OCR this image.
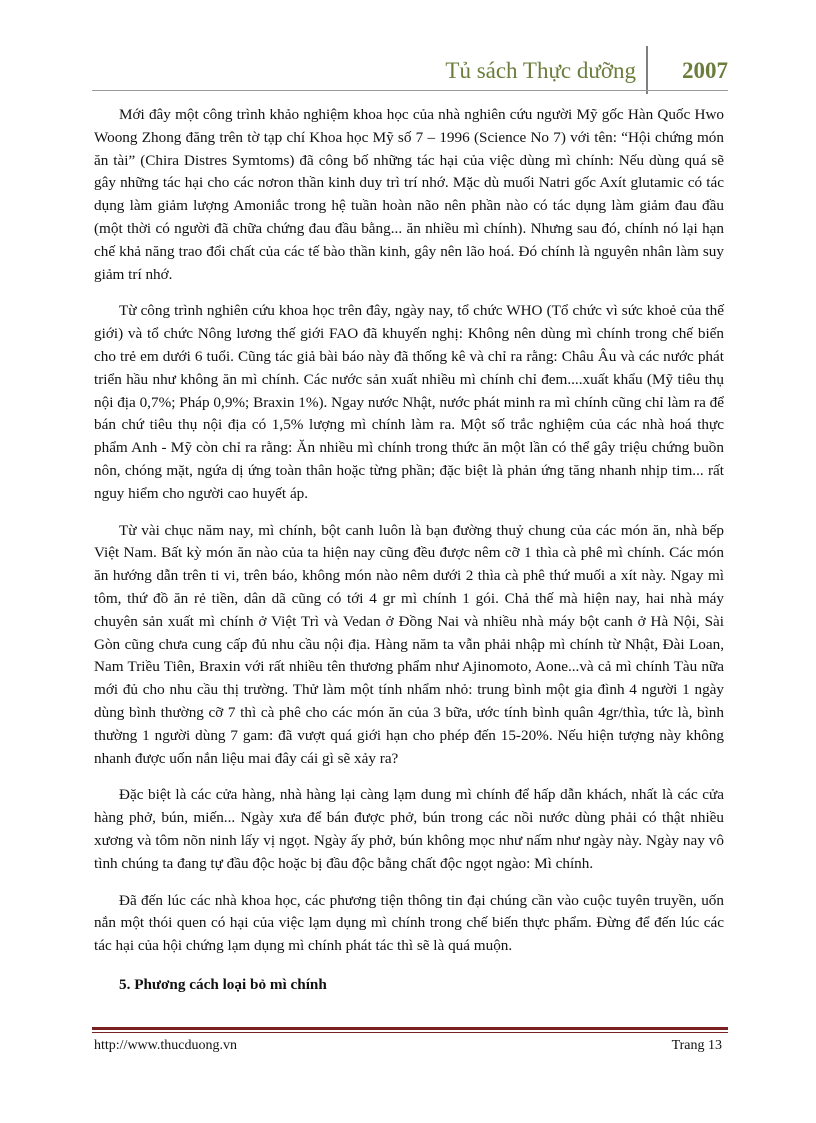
Tủ sách Thực dưỡng 2007

Mới đây một công trình khảo nghiệm khoa học của nhà nghiên cứu người Mỹ gốc Hàn Quốc Hwo Woong Zhong đăng trên tờ tạp chí Khoa học Mỹ số 7 – 1996 (Science No 7) với tên: “Hội chứng món ăn tài” (Chira Distres Symtoms) đã công bố những tác hại của việc dùng mì chính: Nếu dùng quá sẽ gây những tác hại cho các nơron thần kinh duy trì trí nhớ. Mặc dù muối Natri gốc Axít glutamic có tác dụng làm giảm lượng Amoniắc trong hệ tuần hoàn não nên phần nào có tác dụng làm giảm đau đầu (một thời có người đã chữa chứng đau đầu bằng... ăn nhiều mì chính). Nhưng sau đó, chính nó lại hạn chế khả năng trao đổi chất của các tế bào thần kinh, gây nên lão hoá. Đó chính là nguyên nhân làm suy giảm trí nhớ.

Từ công trình nghiên cứu khoa học trên đây, ngày nay, tổ chức WHO (Tổ chức vì sức khoẻ của thế giới) và tổ chức Nông lương thế giới FAO đã khuyến nghị: Không nên dùng mì chính trong chế biến cho trẻ em dưới 6 tuổi. Cũng tác giả bài báo này đã thống kê và chỉ ra rằng: Châu Âu và các nước phát triển hầu như không ăn mì chính. Các nước sản xuất nhiều mì chính chỉ đem....xuất khẩu (Mỹ tiêu thụ nội địa 0,7%; Pháp 0,9%; Braxin 1%). Ngay nước Nhật, nước phát minh ra mì chính cũng chỉ làm ra để bán chứ tiêu thụ nội địa có 1,5% lượng mì chính làm ra. Một số trắc nghiệm của các nhà hoá thực phẩm Anh - Mỹ còn chỉ ra rằng: Ăn nhiều mì chính trong thức ăn một lần có thể gây triệu chứng buồn nôn, chóng mặt, ngứa dị ứng toàn thân hoặc từng phần; đặc biệt là phản ứng tăng nhanh nhịp tim... rất nguy hiểm cho người cao huyết áp.

Từ vài chục năm nay, mì chính, bột canh luôn là bạn đường thuỷ chung của các món ăn, nhà bếp Việt Nam. Bất kỳ món ăn nào của ta hiện nay cũng đều được nêm cỡ 1 thìa cà phê mì chính. Các món ăn hướng dẫn trên ti vi, trên báo, không món nào nêm dưới 2 thìa cà phê thứ muối a xít này. Ngay mì tôm, thứ đồ ăn rẻ tiền, dân dã cũng có tới 4 gr mì chính 1 gói. Chả thế mà hiện nay, hai nhà máy chuyên sản xuất mì chính ở Việt Trì và Vedan ở Đồng Nai và nhiều nhà máy bột canh ở Hà Nội, Sài Gòn cũng chưa cung cấp đủ nhu cầu nội địa. Hàng năm ta vẫn phải nhập mì chính từ Nhật, Đài Loan, Nam Triều Tiên, Braxin với rất nhiều tên thương phẩm như Ajinomoto, Aone...và cả mì chính Tàu nữa mới đủ cho nhu cầu thị trường. Thử làm một tính nhẩm nhỏ: trung bình một gia đình 4 người 1 ngày dùng bình thường cỡ 7 thì cà phê cho các món ăn của 3 bữa, ước tính bình quân 4gr/thìa, tức là, bình thường 1 người dùng 7 gam: đã vượt quá giới hạn cho phép đến 15-20%. Nếu hiện tượng này không nhanh được uốn nắn liệu mai đây cái gì sẽ xảy ra?

Đặc biệt là các cửa hàng, nhà hàng lại càng lạm dung mì chính để hấp dẫn khách, nhất là các cửa hàng phở, bún, miến... Ngày xưa để bán được phở, bún trong các nồi nước dùng phải có thật nhiều xương và tôm nõn ninh lấy vị ngọt. Ngày ấy phở, bún không mọc như nấm như ngày này. Ngày nay vô tình chúng ta đang tự đầu độc hoặc bị đầu độc bằng chất độc ngọt ngào: Mì chính.

Đã đến lúc các nhà khoa học, các phương tiện thông tin đại chúng cần vào cuộc tuyên truyền, uốn nắn một thói quen có hại của việc lạm dụng mì chính trong chế biến thực phẩm. Đừng để đến lúc các tác hại của hội chứng lạm dụng mì chính phát tác thì sẽ là quá muộn.

5. Phương cách loại bỏ mì chính
http://www.thucduong.vn	Trang 13
